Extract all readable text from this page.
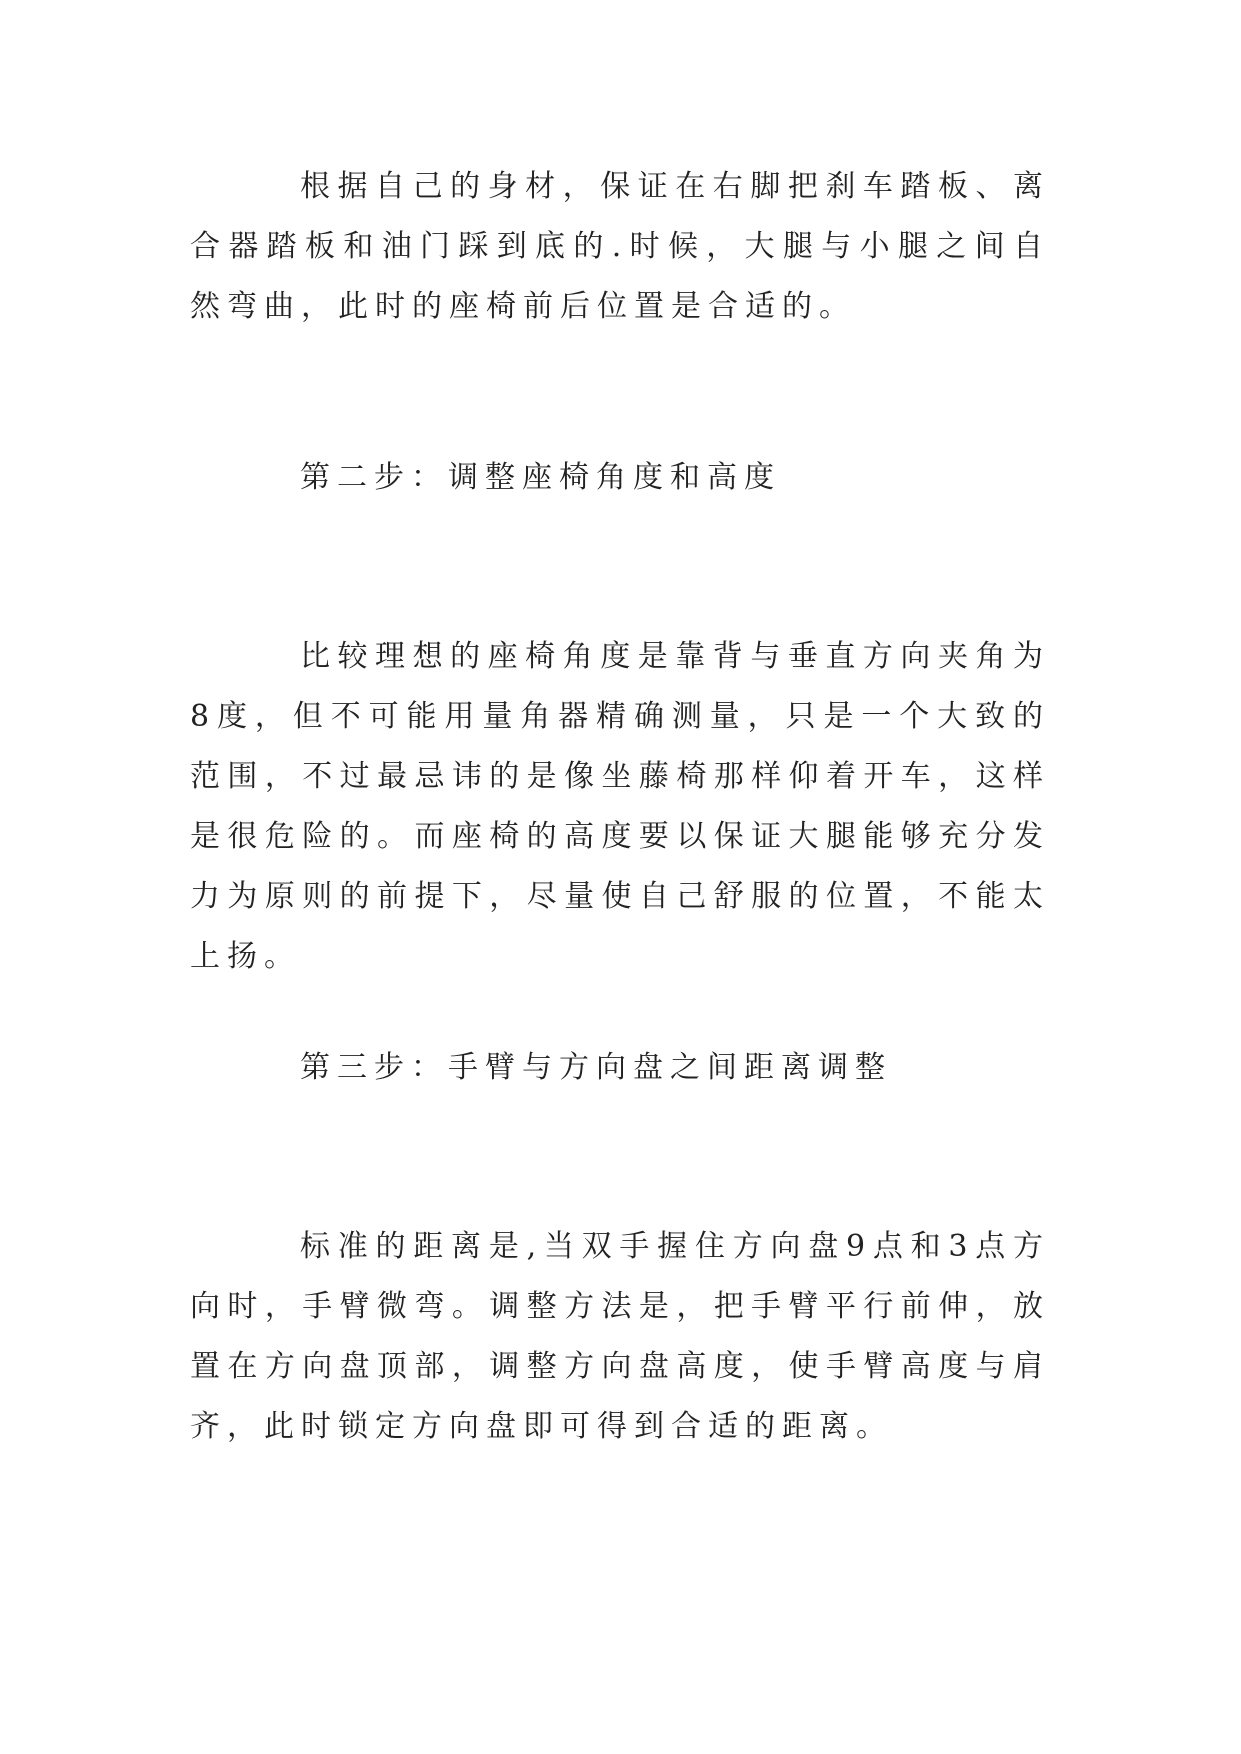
根据自己的身材，保证在右脚把刹车踏板、离合器踏板和油门踩到底的.时候，大腿与小腿之间自然弯曲，此时的座椅前后位置是合适的。

第二步：调整座椅角度和高度

比较理想的座椅角度是靠背与垂直方向夹角为8度，但不可能用量角器精确测量，只是一个大致的范围，不过最忌讳的是像坐藤椅那样仰着开车，这样是很危险的。而座椅的高度要以保证大腿能够充分发力为原则的前提下，尽量使自己舒服的位置，不能太上扬。

第三步：手臂与方向盘之间距离调整

标准的距离是,当双手握住方向盘9点和3点方向时，手臂微弯。调整方法是，把手臂平行前伸，放置在方向盘顶部，调整方向盘高度，使手臂高度与肩齐，此时锁定方向盘即可得到合适的距离。
